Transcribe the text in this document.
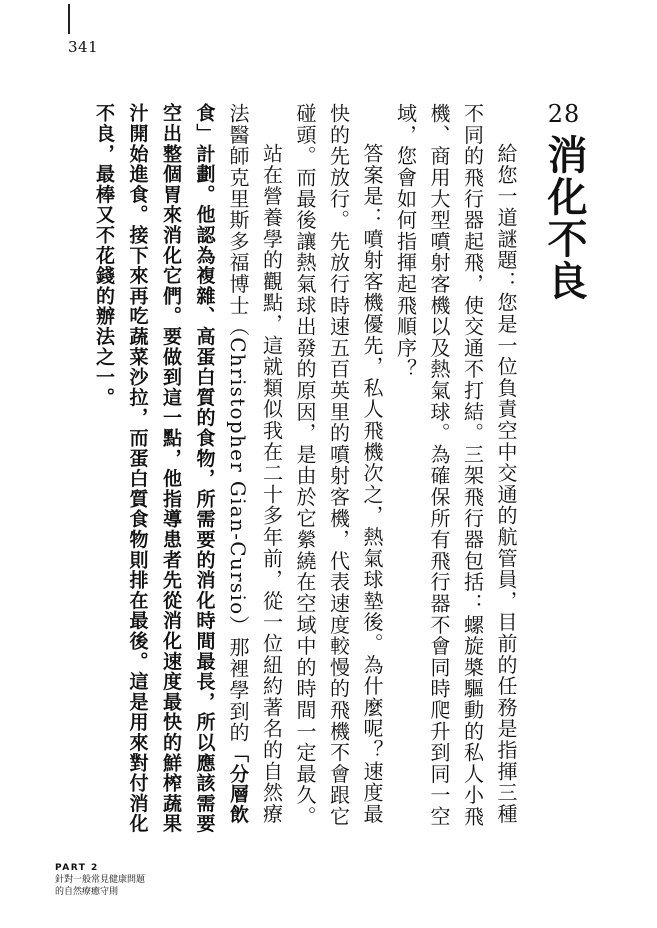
341
28
消化不良

給您一道謎題：您是一位負責空中交通的航管員，目前的任務是指揮三種不同的飛行器起飛，使交通不打結。三架飛行器包括：螺旋槳驅動的私人小飛機、商用大型噴射客機以及熱氣球。為確保所有飛行器不會同時爬升到同一空域，您會如何指揮起飛順序？

答案是：噴射客機優先，私人飛機次之，熱氣球墊後。為什麼呢？速度最快的先放行。先放行時速五百英里的噴射客機，代表速度較慢的飛機不會跟它碰頭。而最後讓熱氣球出發的原因，是由於它縈繞在空域中的時間一定最久。

站在營養學的觀點，這就類似我在二十多年前，從一位紐約著名的自然療法醫師克里斯多福博士（Christopher Gian-Cursio）那裡學到的「分層飲食」計劃。他認為複雜、高蛋白質的食物，所需要的消化時間最長，所以應該需要空出整個胃來消化它們。要做到這一點，他指導患者先從消化速度最快的鮮榨蔬果汁開始進食。接下來再吃蔬菜沙拉，而蛋白質食物則排在最後。這是用來對付消化不良，最棒又不花錢的辦法之一。

PART 2
針對一般常見健康問題
的自然療癒守則
